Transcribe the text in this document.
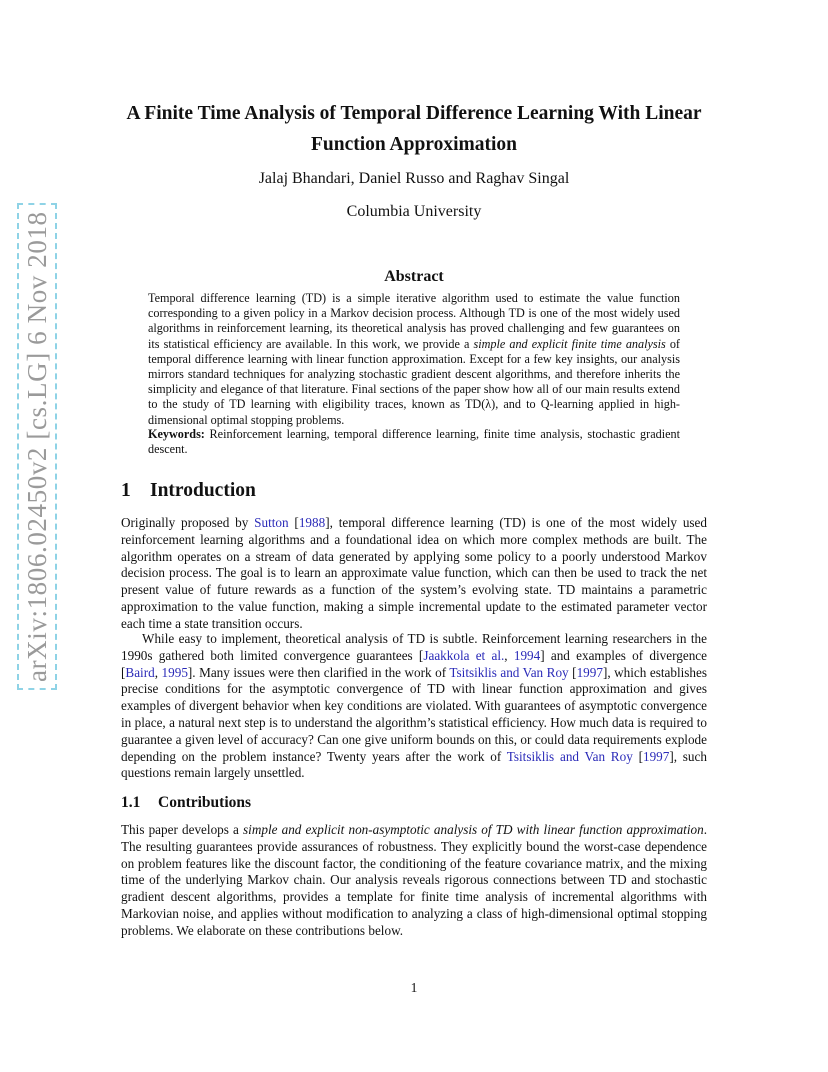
arXiv:1806.02450v2 [cs.LG] 6 Nov 2018
A Finite Time Analysis of Temporal Difference Learning With Linear Function Approximation
Jalaj Bhandari, Daniel Russo and Raghav Singal
Columbia University
Abstract

Temporal difference learning (TD) is a simple iterative algorithm used to estimate the value function corresponding to a given policy in a Markov decision process. Although TD is one of the most widely used algorithms in reinforcement learning, its theoretical analysis has proved challenging and few guarantees on its statistical efficiency are available. In this work, we provide a simple and explicit finite time analysis of temporal difference learning with linear function approximation. Except for a few key insights, our analysis mirrors standard techniques for analyzing stochastic gradient descent algorithms, and therefore inherits the simplicity and elegance of that literature. Final sections of the paper show how all of our main results extend to the study of TD learning with eligibility traces, known as TD(λ), and to Q-learning applied in high-dimensional optimal stopping problems.

Keywords: Reinforcement learning, temporal difference learning, finite time analysis, stochastic gradient descent.

1 Introduction

Originally proposed by Sutton [1988], temporal difference learning (TD) is one of the most widely used reinforcement learning algorithms and a foundational idea on which more complex methods are built. The algorithm operates on a stream of data generated by applying some policy to a poorly understood Markov decision process. The goal is to learn an approximate value function, which can then be used to track the net present value of future rewards as a function of the system’s evolving state. TD maintains a parametric approximation to the value function, making a simple incremental update to the estimated parameter vector each time a state transition occurs.

While easy to implement, theoretical analysis of TD is subtle. Reinforcement learning researchers in the 1990s gathered both limited convergence guarantees [Jaakkola et al., 1994] and examples of divergence [Baird, 1995]. Many issues were then clarified in the work of Tsitsiklis and Van Roy [1997], which establishes precise conditions for the asymptotic convergence of TD with linear function approximation and gives examples of divergent behavior when key conditions are violated. With guarantees of asymptotic convergence in place, a natural next step is to understand the algorithm’s statistical efficiency. How much data is required to guarantee a given level of accuracy? Can one give uniform bounds on this, or could data requirements explode depending on the problem instance? Twenty years after the work of Tsitsiklis and Van Roy [1997], such questions remain largely unsettled.

1.1 Contributions

This paper develops a simple and explicit non-asymptotic analysis of TD with linear function approximation. The resulting guarantees provide assurances of robustness. They explicitly bound the worst-case dependence on problem features like the discount factor, the conditioning of the feature covariance matrix, and the mixing time of the underlying Markov chain. Our analysis reveals rigorous connections between TD and stochastic gradient descent algorithms, provides a template for finite time analysis of incremental algorithms with Markovian noise, and applies without modification to analyzing a class of high-dimensional optimal stopping problems. We elaborate on these contributions below.

1
